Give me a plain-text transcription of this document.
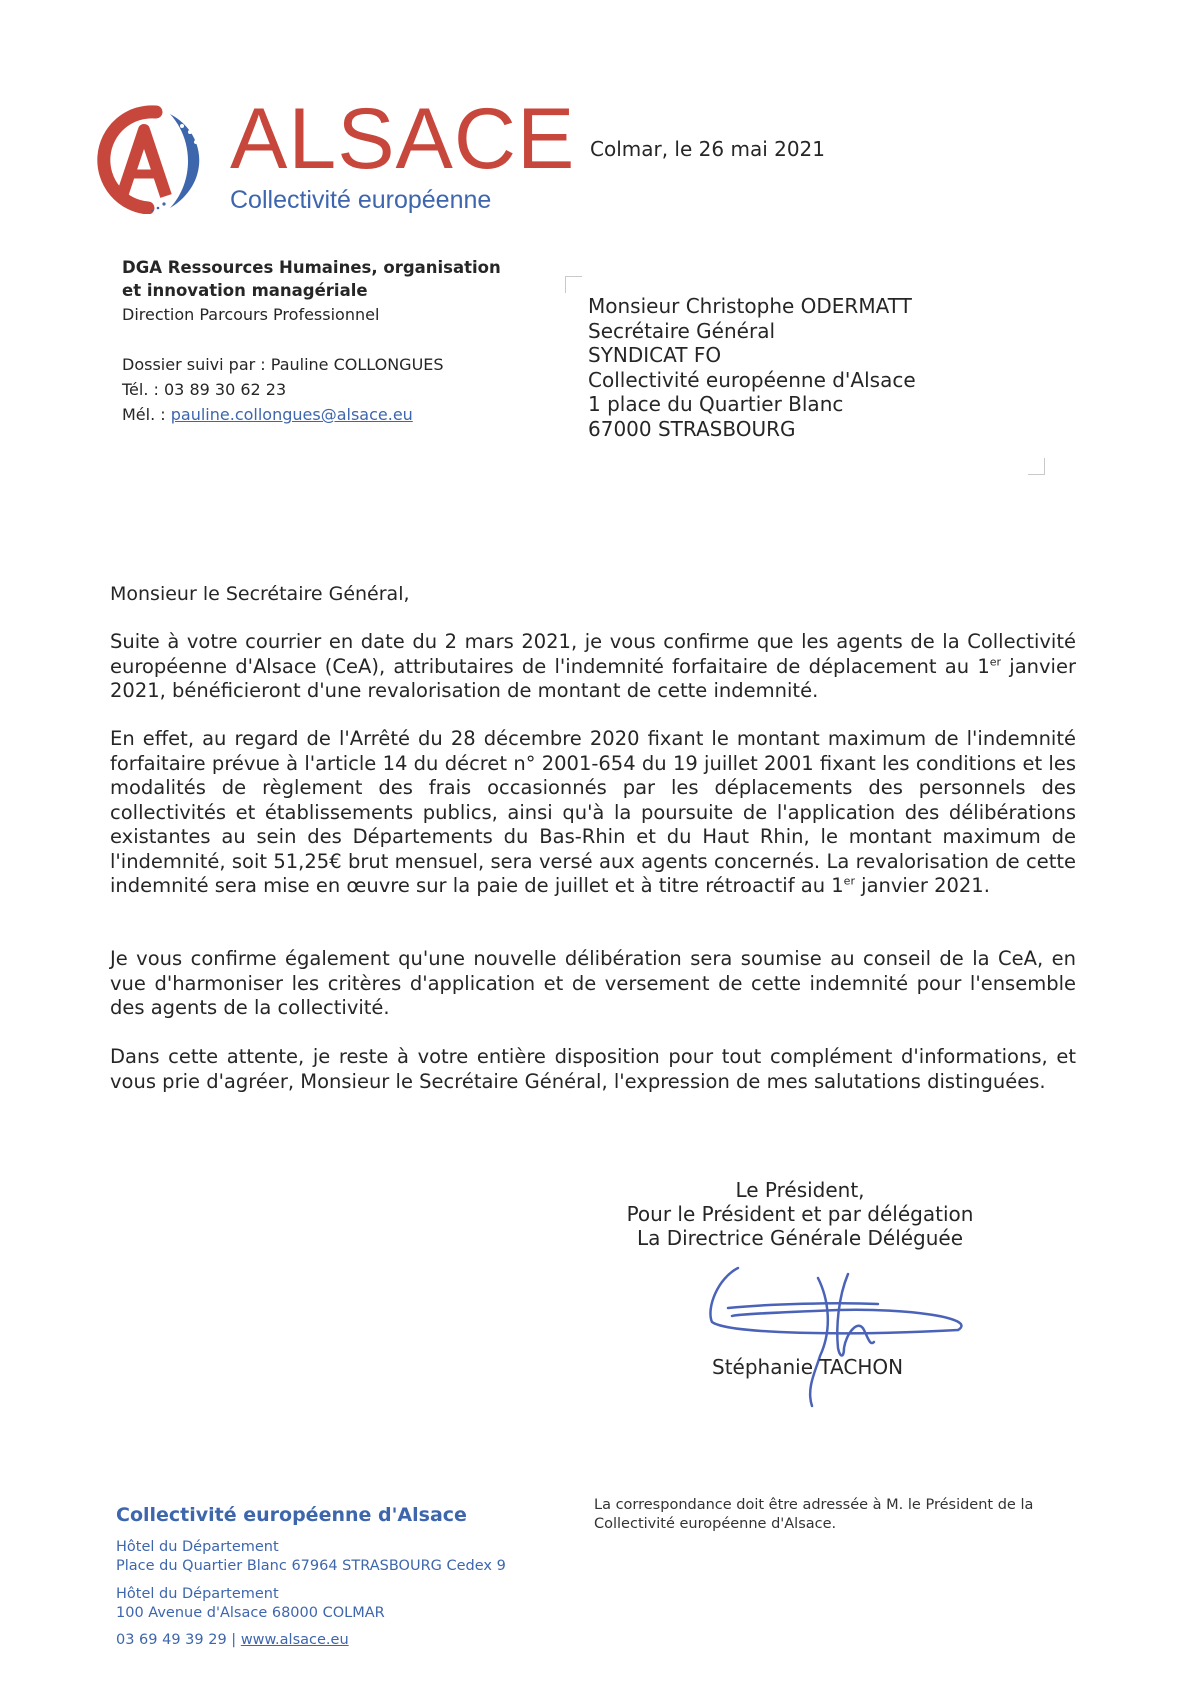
ALSACE
Collectivité européenne
Colmar, le 26 mai 2021
DGA Ressources Humaines, organisation et innovation managériale
Direction Parcours Professionnel
Dossier suivi par : Pauline COLLONGUES
Tél. : 03 89 30 62 23
Mél. : pauline.collongues@alsace.eu
Monsieur Christophe ODERMATT
Secrétaire Général
SYNDICAT FO
Collectivité européenne d'Alsace
1 place du Quartier Blanc
67000 STRASBOURG
Monsieur le Secrétaire Général,

Suite à votre courrier en date du 2 mars 2021, je vous confirme que les agents de la Collectivité européenne d'Alsace (CeA), attributaires de l'indemnité forfaitaire de déplacement au 1er janvier 2021, bénéficieront d'une revalorisation de montant de cette indemnité.

En effet, au regard de l'Arrêté du 28 décembre 2020 fixant le montant maximum de l'indemnité forfaitaire prévue à l'article 14 du décret n° 2001-654 du 19 juillet 2001 fixant les conditions et les modalités de règlement des frais occasionnés par les déplacements des personnels des collectivités et établissements publics, ainsi qu'à la poursuite de l'application des délibérations existantes au sein des Départements du Bas-Rhin et du Haut Rhin, le montant maximum de l'indemnité, soit 51,25€ brut mensuel, sera versé aux agents concernés. La revalorisation de cette indemnité sera mise en œuvre sur la paie de juillet et à titre rétroactif au 1er janvier 2021.

Je vous confirme également qu'une nouvelle délibération sera soumise au conseil de la CeA, en vue d'harmoniser les critères d'application et de versement de cette indemnité pour l'ensemble des agents de la collectivité.

Dans cette attente, je reste à votre entière disposition pour tout complément d'informations, et vous prie d'agréer, Monsieur le Secrétaire Général, l'expression de mes salutations distinguées.

Le Président,
Pour le Président et par délégation
La Directrice Générale Déléguée
Stéphanie TACHON
Collectivité européenne d'Alsace
Hôtel du Département
Place du Quartier Blanc 67964 STRASBOURG Cedex 9
Hôtel du Département
100 Avenue d'Alsace 68000 COLMAR
03 69 49 39 29 | www.alsace.eu
La correspondance doit être adressée à M. le Président de la Collectivité européenne d'Alsace.
